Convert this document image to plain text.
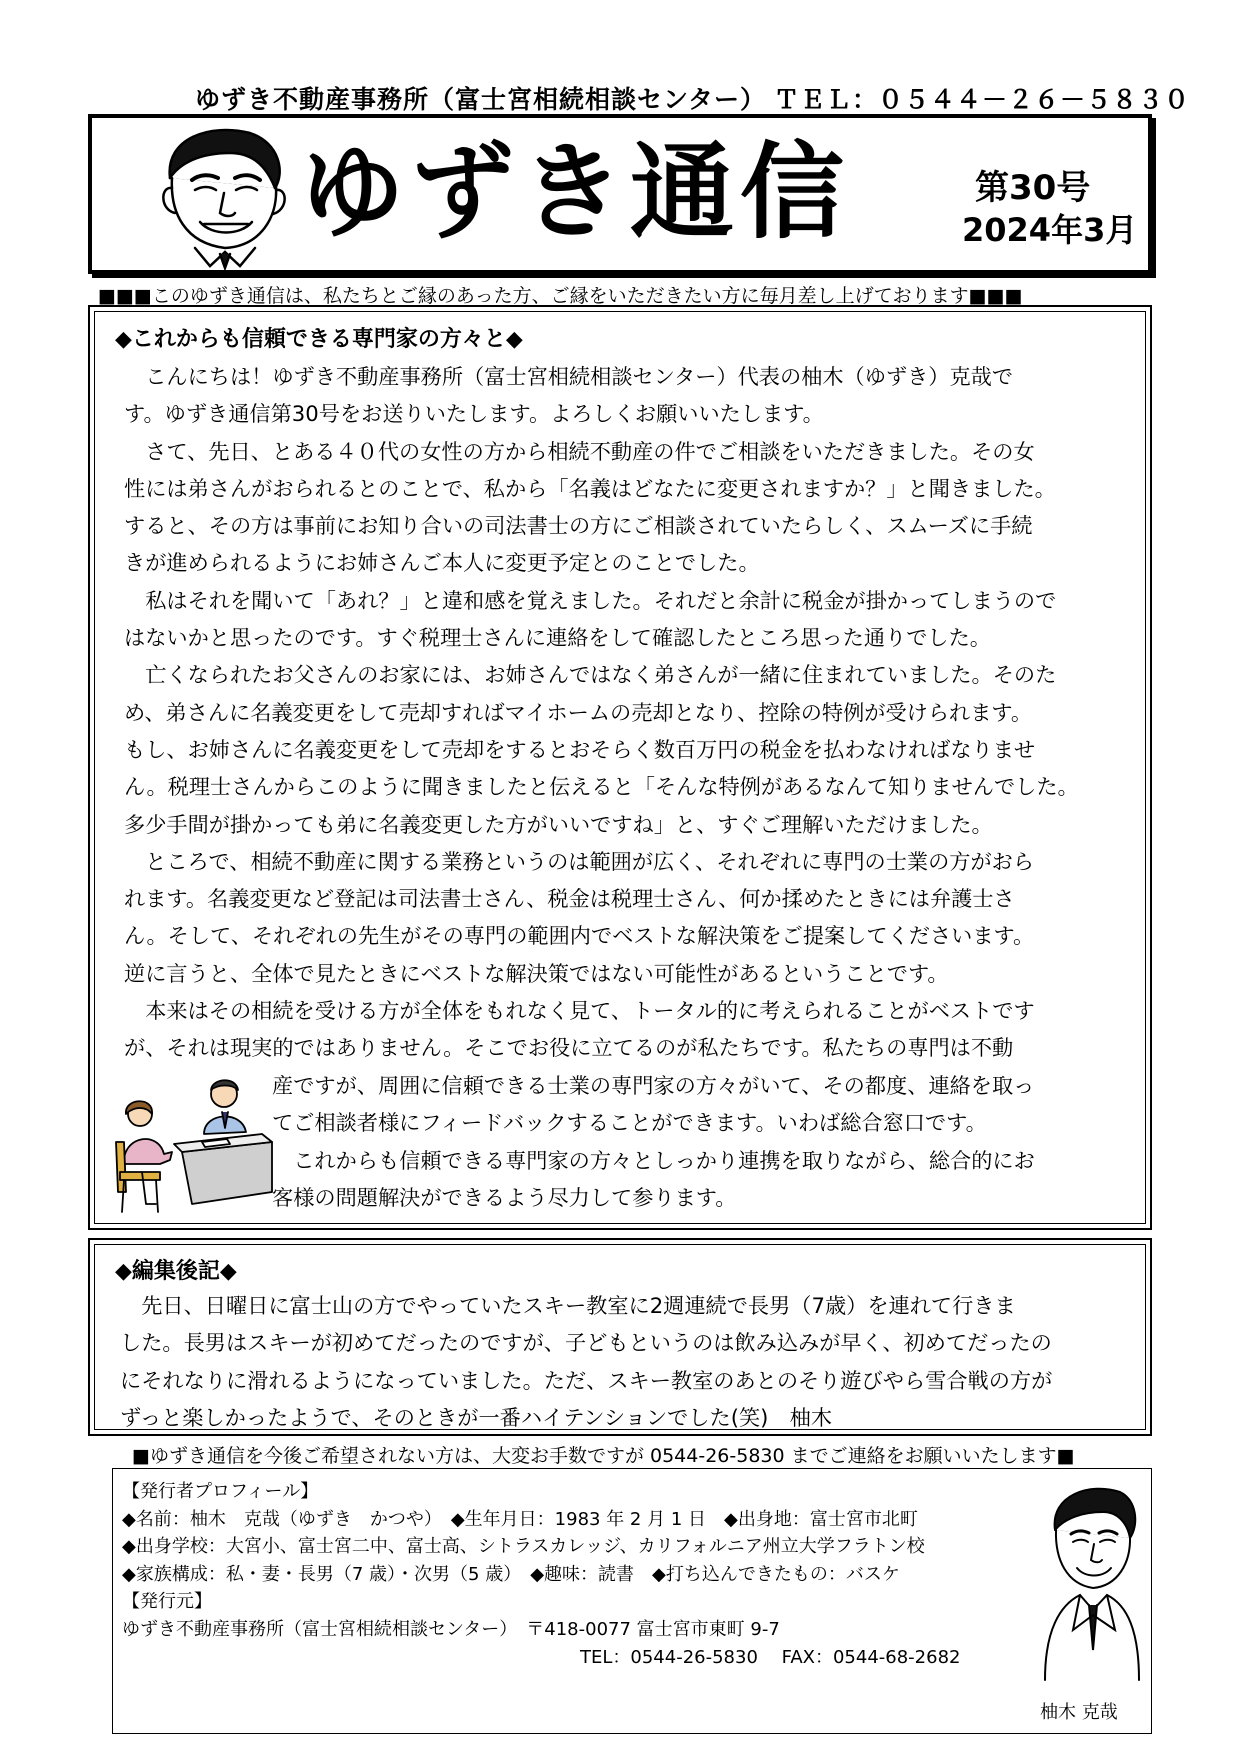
ゆずき不動産事務所（富士宮相続相談センター） ＴＥＬ：０５４４－２６－５８３０
ゆずき通信	第30号
2024年3月
■■■このゆずき通信は、私たちとご縁のあった方、ご縁をいただきたい方に毎月差し上げております■■■
◆これからも信頼できる専門家の方々と◆
　こんにちは！ゆずき不動産事務所（富士宮相続相談センター）代表の柚木（ゆずき）克哉で
す。ゆずき通信第30号をお送りいたします。よろしくお願いいたします。
　さて、先日、とある４０代の女性の方から相続不動産の件でご相談をいただきました。その女
性には弟さんがおられるとのことで、私から「名義はどなたに変更されますか？」と聞きました。
すると、その方は事前にお知り合いの司法書士の方にご相談されていたらしく、スムーズに手続
きが進められるようにお姉さんご本人に変更予定とのことでした。
　私はそれを聞いて「あれ？」と違和感を覚えました。それだと余計に税金が掛かってしまうので
はないかと思ったのです。すぐ税理士さんに連絡をして確認したところ思った通りでした。
　亡くなられたお父さんのお家には、お姉さんではなく弟さんが一緒に住まれていました。そのた
め、弟さんに名義変更をして売却すればマイホームの売却となり、控除の特例が受けられます。
もし、お姉さんに名義変更をして売却をするとおそらく数百万円の税金を払わなければなりませ
ん。税理士さんからこのように聞きましたと伝えると「そんな特例があるなんて知りませんでした。
多少手間が掛かっても弟に名義変更した方がいいですね」と、すぐご理解いただけました。
　ところで、相続不動産に関する業務というのは範囲が広く、それぞれに専門の士業の方がおら
れます。名義変更など登記は司法書士さん、税金は税理士さん、何か揉めたときには弁護士さ
ん。そして、それぞれの先生がその専門の範囲内でベストな解決策をご提案してくださいます。
逆に言うと、全体で見たときにベストな解決策ではない可能性があるということです。
　本来はその相続を受ける方が全体をもれなく見て、トータル的に考えられることがベストです
が、それは現実的ではありません。そこでお役に立てるのが私たちです。私たちの専門は不動
産ですが、周囲に信頼できる士業の専門家の方々がいて、その都度、連絡を取っ
てご相談者様にフィードバックすることができます。いわば総合窓口です。
　これからも信頼できる専門家の方々としっかり連携を取りながら、総合的にお
客様の問題解決ができるよう尽力して参ります。
◆編集後記◆
　先日、日曜日に富士山の方でやっていたスキー教室に2週連続で長男（7歳）を連れて行きま
した。長男はスキーが初めてだったのですが、子どもというのは飲み込みが早く、初めてだったの
にそれなりに滑れるようになっていました。ただ、スキー教室のあとのそり遊びやら雪合戦の方が
ずっと楽しかったようで、そのときが一番ハイテンションでした(笑)　柚木
■ゆずき通信を今後ご希望されない方は、大変お手数ですが 0544-26-5830 までご連絡をお願いいたします■
【発行者プロフィール】
◆名前：柚木　克哉（ゆずき　かつや）　◆生年月日：1983 年 2 月 1 日　◆出身地：富士宮市北町
◆出身学校：大宮小、富士宮二中、富士高、シトラスカレッジ、カリフォルニア州立大学フラトン校
◆家族構成：私・妻・長男（7 歳）・次男（5 歳）　◆趣味：読書　◆打ち込んできたもの：バスケ
【発行元】
ゆずき不動産事務所（富士宮相続相談センター）　〒418-0077 富士宮市東町 9-7
TEL：0544-26-5830　 FAX：0544-68-2682
柚木 克哉
